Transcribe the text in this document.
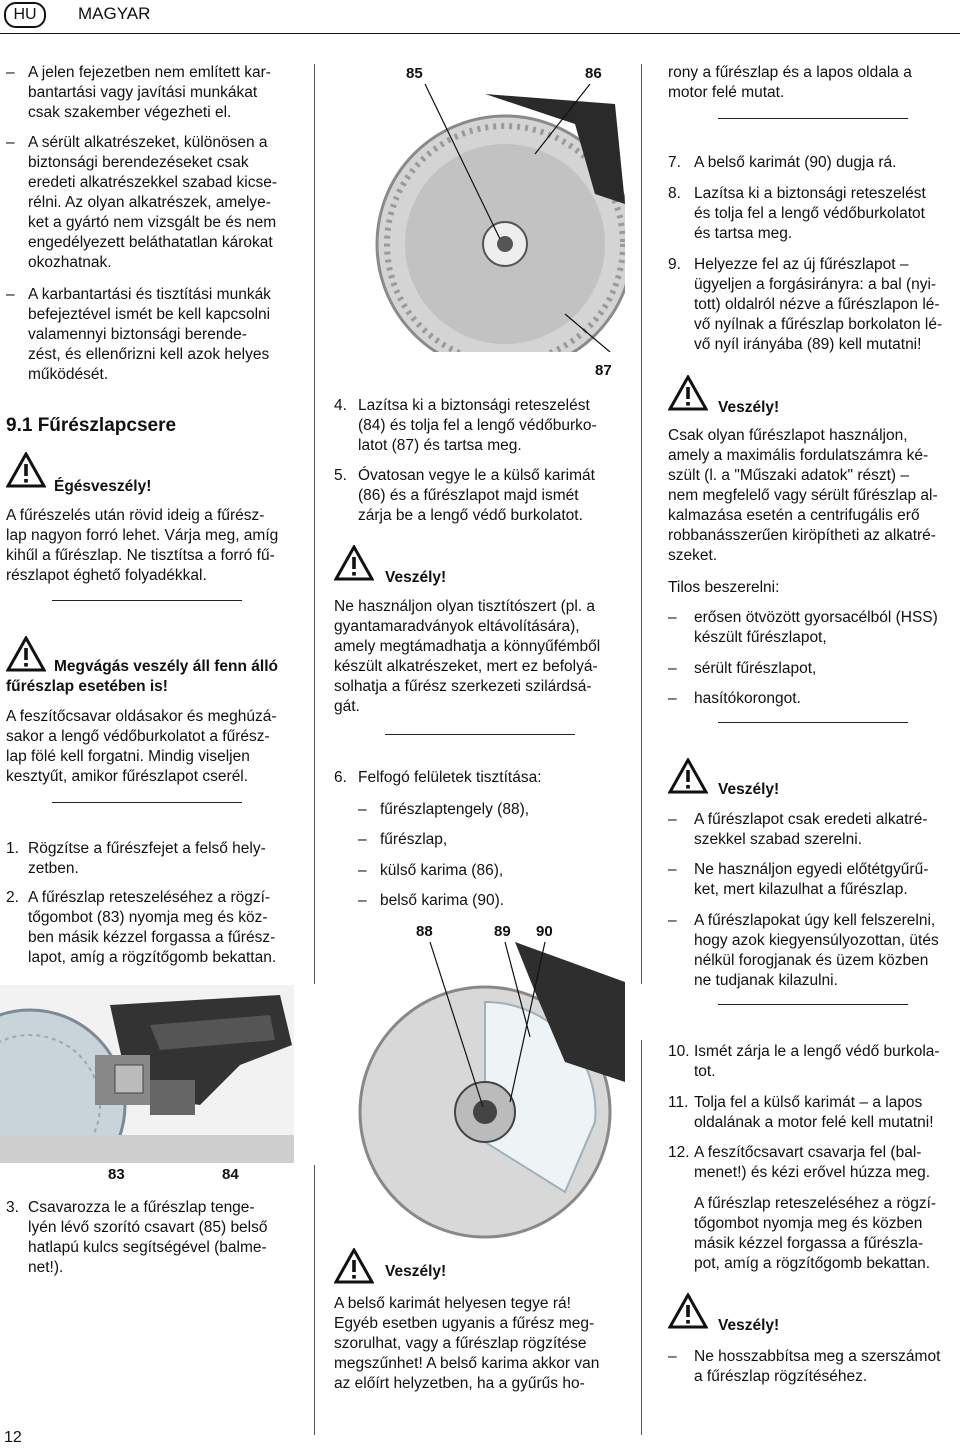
HU	MAGYAR
– A jelen fejezetben nem említett kar-
bantartási vagy javítási munkákat
csak szakember végezheti el.
– A sérült alkatrészeket, különösen a
biztonsági berendezéseket csak
eredeti alkatrészekkel szabad kicse-
rélni. Az olyan alkatrészek, amelye-
ket a gyártó nem vizsgált be és nem
engedélyezett beláthatatlan károkat
okozhatnak.
– A karbantartási és tisztítási munkák
befejeztével ismét be kell kapcsolni
valamennyi biztonsági berende-
zést, és ellenőrizni kell azok helyes
működését.
9.1 Fűrészlapcsere
Égésveszély!
A fűrészelés után rövid ideig a fűrész-
lap nagyon forró lehet. Várja meg, amíg
kihűl a fűrészlap. Ne tisztítsa a forró fű-
részlapot éghető folyadékkal.
Megvágás veszély áll fenn álló
fűrészlap esetében is!
A feszítőcsavar oldásakor és meghúzá-
sakor a lengő védőburkolatot a fűrész-
lap fölé kell forgatni. Mindig viseljen
kesztyűt, amikor fűrészlapot cserél.
1. Rögzítse a fűrészfejet a felső hely-
zetben.
2. A fűrészlap reteszeléséhez a rögzí-
tőgombot (83) nyomja meg és köz-
ben másik kézzel forgassa a fűrész-
lapot, amíg a rögzítőgomb bekattan.
83	84
3. Csavarozza le a fűrészlap tenge-
lyén lévő szorító csavart (85) belső
hatlapú kulcs segítségével (balme-
net!).
85	86
87
4. Lazítsa ki a biztonsági reteszelést
(84) és tolja fel a lengő védőburko-
latot (87) és tartsa meg.
5. Óvatosan vegye le a külső karimát
(86) és a fűrészlapot majd ismét
zárja be a lengő védő burkolatot.
Veszély!
Ne használjon olyan tisztítószert (pl. a
gyantamaradványok eltávolítására),
amely megtámadhatja a könnyűfémből
készült alkatrészeket, mert ez befolyá-
solhatja a fűrész szerkezeti szilárdsá-
gát.
6. Felfogó felületek tisztítása:
– fűrészlaptengely (88),
– fűrészlap,
– külső karima (86),
– belső karima (90).
88	89 90
Veszély!
A belső karimát helyesen tegye rá!
Egyéb esetben ugyanis a fűrész meg-
szorulhat, vagy a fűrészlap rögzítése
megszűnhet! A belső karima akkor van
az előírt helyzetben, ha a gyűrűs ho-
rony a fűrészlap és a lapos oldala a
motor felé mutat.
7. A belső karimát (90) dugja rá.
8. Lazítsa ki a biztonsági reteszelést
és tolja fel a lengő védőburkolatot
és tartsa meg.
9. Helyezze fel az új fűrészlapot –
ügyeljen a forgásirányra: a bal (nyi-
tott) oldalról nézve a fűrészlapon lé-
vő nyílnak a fűrészlap borkolaton lé-
vő nyíl irányába (89) kell mutatni!
Veszély!
Csak olyan fűrészlapot használjon,
amely a maximális fordulatszámra ké-
szült (l. a "Műszaki adatok" részt) –
nem megfelelő vagy sérült fűrészlap al-
kalmazása esetén a centrifugális erő
robbanásszerűen kiröpítheti az alkatré-
szeket.
Tilos beszerelni:
– erősen ötvözött gyorsacélból (HSS)
készült fűrészlapot,
– sérült fűrészlapot,
– hasítókorongot.
Veszély!
– A fűrészlapot csak eredeti alkatré-
szekkel szabad szerelni.
– Ne használjon egyedi előtétgyűrű-
ket, mert kilazulhat a fűrészlap.
– A fűrészlapokat úgy kell felszerelni,
hogy azok kiegyensúlyozottan, ütés
nélkül forogjanak és üzem közben
ne tudjanak kilazulni.
10. Ismét zárja le a lengő védő burkola-
tot.
11. Tolja fel a külső karimát – a lapos
oldalának a motor felé kell mutatni!
12. A feszítőcsavart csavarja fel (bal-
menet!) és kézi erővel húzza meg.
A fűrészlap reteszeléséhez a rögzí-
tőgombot nyomja meg és közben
másik kézzel forgassa a fűrészla-
pot, amíg a rögzítőgomb bekattan.
Veszély!
– Ne hosszabbítsa meg a szerszámot
a fűrészlap rögzítéséhez.
12
